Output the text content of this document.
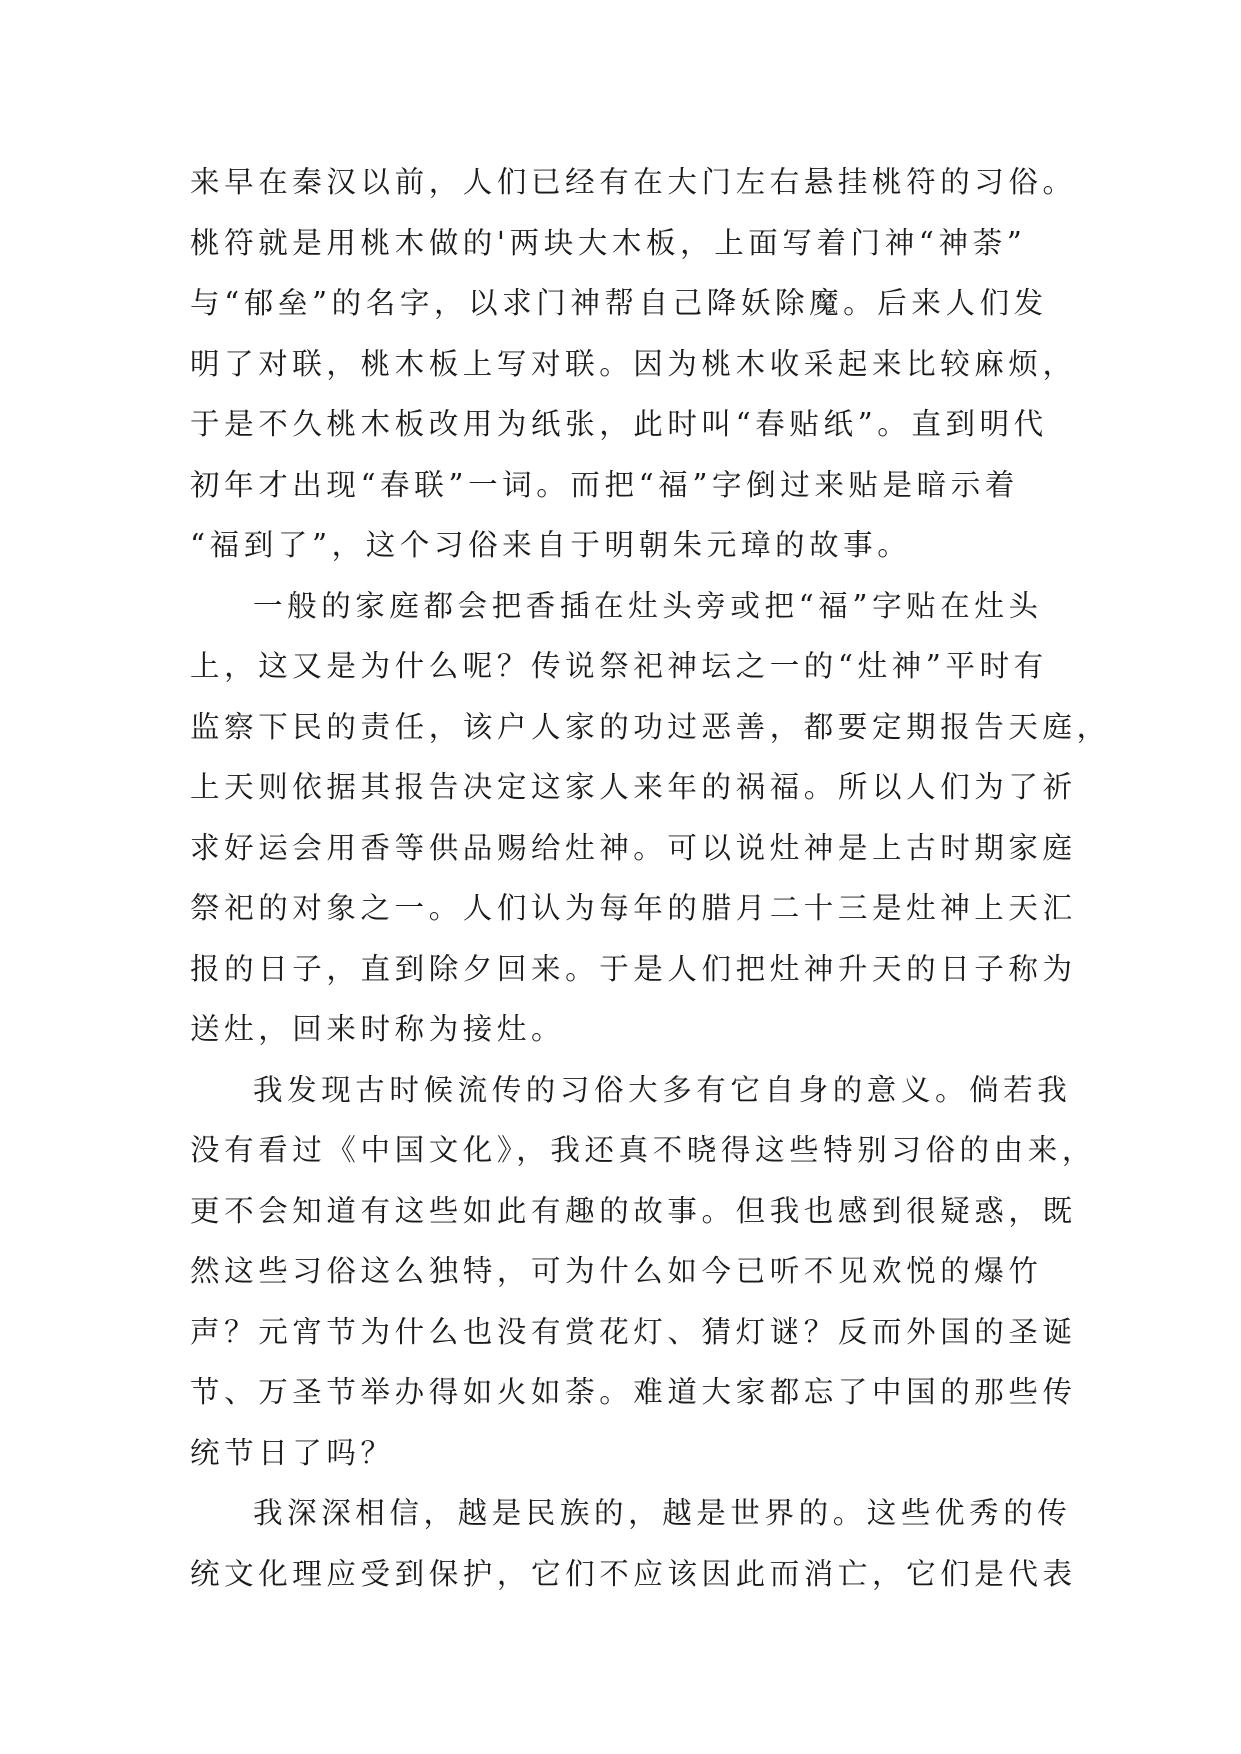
来早在秦汉以前，人们已经有在大门左右悬挂桃符的习俗。
桃符就是用桃木做的'两块大木板，上面写着门神“神荼”
与“郁垒”的名字，以求门神帮自己降妖除魔。后来人们发
明了对联，桃木板上写对联。因为桃木收采起来比较麻烦，
于是不久桃木板改用为纸张，此时叫“春贴纸”。直到明代
初年才出现“春联”一词。而把“福”字倒过来贴是暗示着
“福到了”，这个习俗来自于明朝朱元璋的故事。
一般的家庭都会把香插在灶头旁或把“福”字贴在灶头
上，这又是为什么呢？传说祭祀神坛之一的“灶神”平时有
监察下民的责任，该户人家的功过恶善，都要定期报告天庭，
上天则依据其报告决定这家人来年的祸福。所以人们为了祈
求好运会用香等供品赐给灶神。可以说灶神是上古时期家庭
祭祀的对象之一。人们认为每年的腊月二十三是灶神上天汇
报的日子，直到除夕回来。于是人们把灶神升天的日子称为
送灶，回来时称为接灶。
我发现古时候流传的习俗大多有它自身的意义。倘若我
没有看过《中国文化》，我还真不晓得这些特别习俗的由来，
更不会知道有这些如此有趣的故事。但我也感到很疑惑，既
然这些习俗这么独特，可为什么如今已听不见欢悦的爆竹
声？元宵节为什么也没有赏花灯、猜灯谜？反而外国的圣诞
节、万圣节举办得如火如荼。难道大家都忘了中国的那些传
统节日了吗？
我深深相信，越是民族的，越是世界的。这些优秀的传
统文化理应受到保护，它们不应该因此而消亡，它们是代表
